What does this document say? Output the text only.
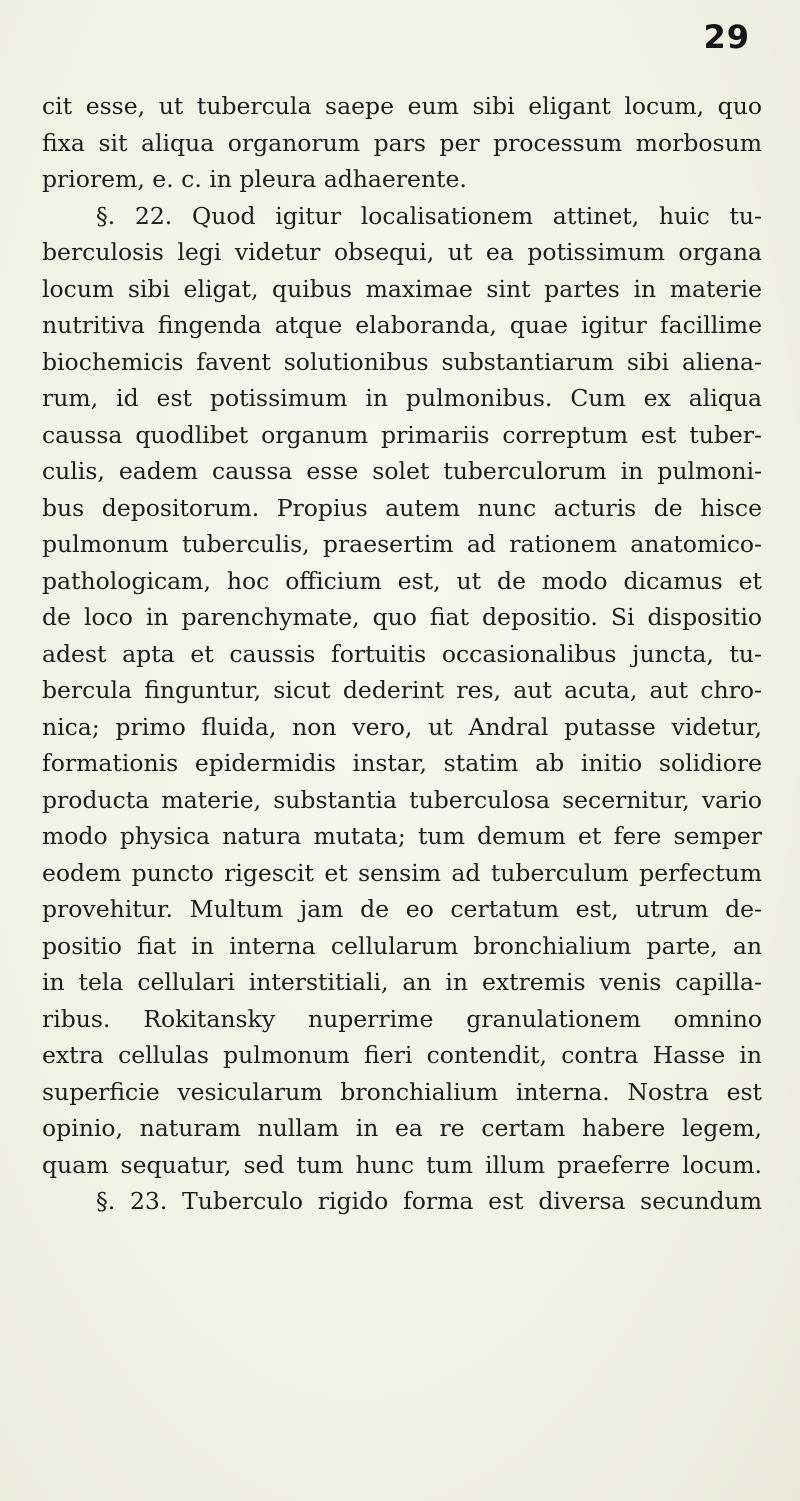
29
cit esse, ut tubercula saepe eum sibi eligant locum, quo
fixa sit aliqua organorum pars per processum morbosum
priorem, e. c. in pleura adhaerente.
§. 22. Quod igitur localisationem attinet, huic tu-
berculosis legi videtur obsequi, ut ea potissimum organa
locum sibi eligat, quibus maximae sint partes in materie
nutritiva fingenda atque elaboranda, quae igitur facillime
biochemicis favent solutionibus substantiarum sibi aliena-
rum, id est potissimum in pulmonibus. Cum ex aliqua
caussa quodlibet organum primariis correptum est tuber-
culis, eadem caussa esse solet tuberculorum in pulmoni-
bus depositorum. Propius autem nunc acturis de hisce
pulmonum tuberculis, praesertim ad rationem anatomico-
pathologicam, hoc officium est, ut de modo dicamus et
de loco in parenchymate, quo fiat depositio. Si dispositio
adest apta et caussis fortuitis occasionalibus juncta, tu-
bercula finguntur, sicut dederint res, aut acuta, aut chro-
nica; primo fluida, non vero, ut Andral putasse videtur,
formationis epidermidis instar, statim ab initio solidiore
producta materie, substantia tuberculosa secernitur, vario
modo physica natura mutata; tum demum et fere semper
eodem puncto rigescit et sensim ad tuberculum perfectum
provehitur. Multum jam de eo certatum est, utrum de-
positio fiat in interna cellularum bronchialium parte, an
in tela cellulari interstitiali, an in extremis venis capilla-
ribus. Rokitansky nuperrime granulationem omnino
extra cellulas pulmonum fieri contendit, contra Hasse in
superficie vesicularum bronchialium interna. Nostra est
opinio, naturam nullam in ea re certam habere legem,
quam sequatur, sed tum hunc tum illum praeferre locum.
§. 23. Tuberculo rigido forma est diversa secundum
